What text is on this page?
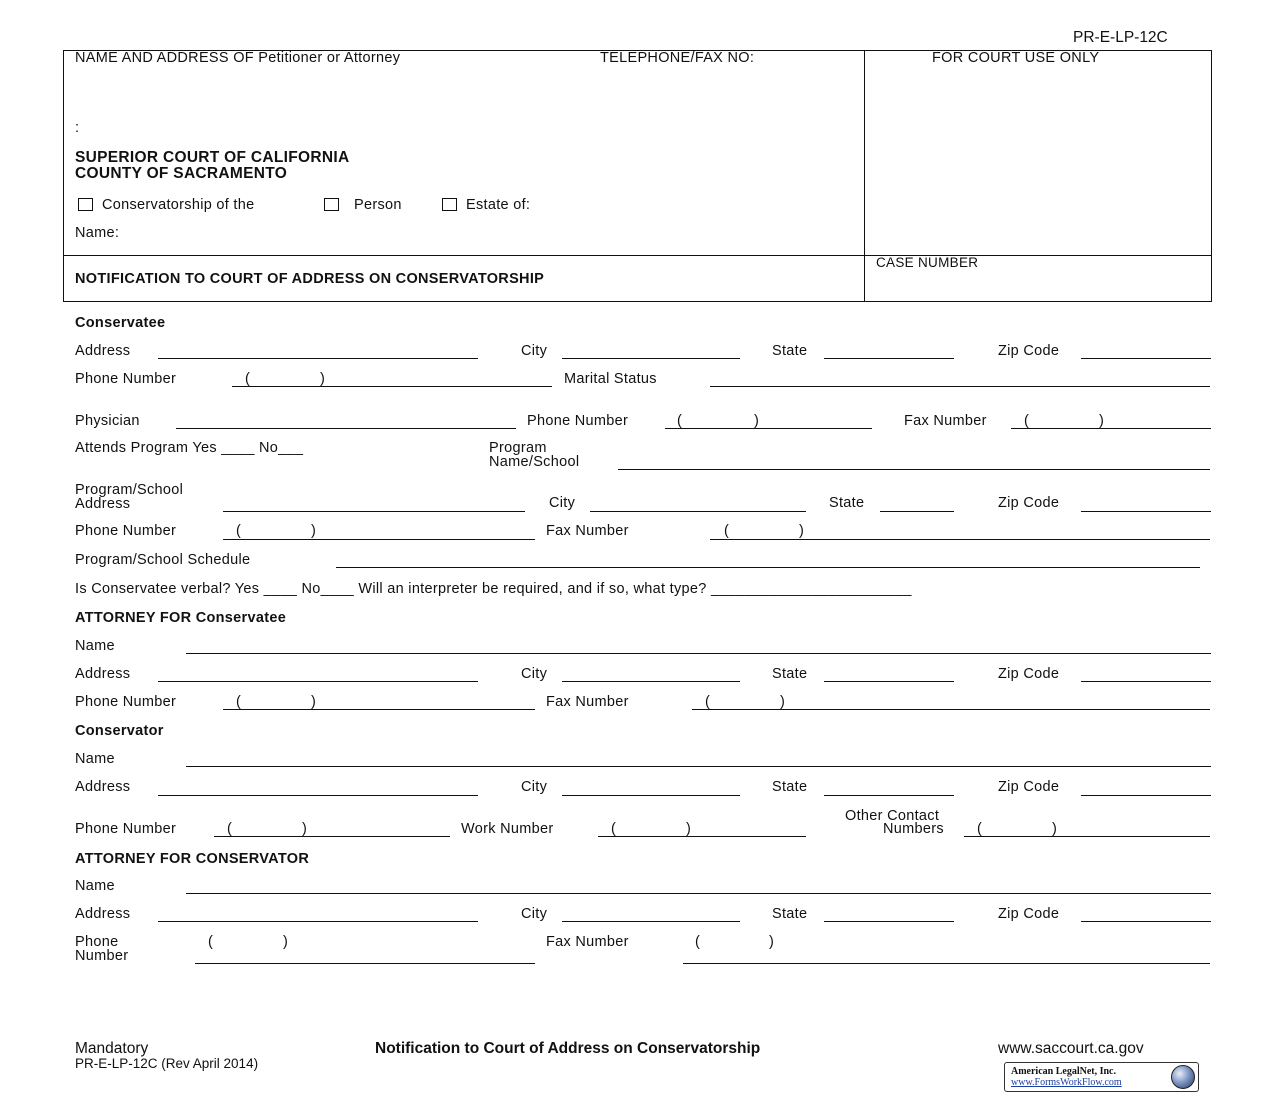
PR-E-LP-12C
NAME AND ADDRESS OF Petitioner or Attorney	TELEPHONE/FAX NO:	FOR COURT USE ONLY
:
SUPERIOR COURT OF CALIFORNIA
COUNTY OF SACRAMENTO
Conservatorship of the	Person	Estate of:
Name:
NOTIFICATION TO COURT OF ADDRESS ON CONSERVATORSHIP
CASE NUMBER
Conservatee
Address	City	State	Zip Code
Phone Number	(	)	Marital Status
Physician	Phone Number	(	)	Fax Number	(	)
Attends Program Yes ____ No___	Program
Name/School
Program/School
Address	City	State	Zip Code
Phone Number	(	)	Fax Number	(	)
Program/School Schedule
Is Conservatee verbal? Yes ____ No____ Will an interpreter be required, and if so, what type? ________________________
ATTORNEY FOR Conservatee
Name
Address	City	State	Zip Code
Phone Number	(	)	Fax Number	(	)
Conservator
Name
Address	City	State	Zip Code
Phone Number	(	)	Work Number	(	)
Other Contact
Numbers (	)
ATTORNEY FOR CONSERVATOR
Name
Address	City	State	Zip Code
Phone
Number
(	)	Fax Number	(	)
Mandatory
PR-E-LP-12C (Rev April 2014)
Notification to Court of Address on Conservatorship	www.saccourt.ca.gov
American LegalNet, Inc.
www.FormsWorkFlow.com
